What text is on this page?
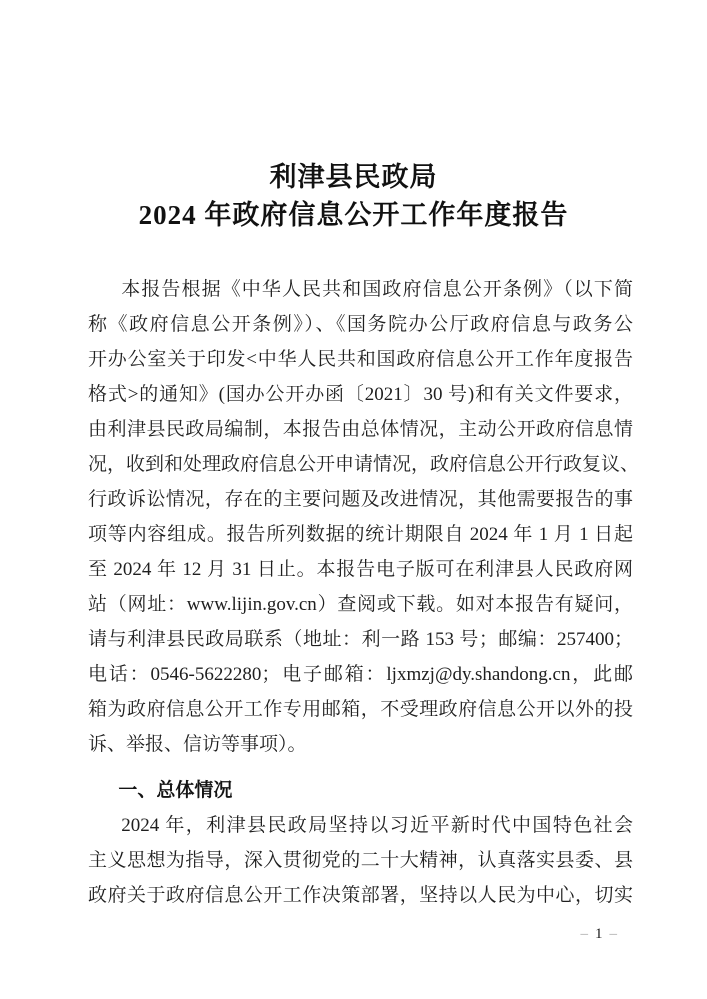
利津县民政局
2024 年政府信息公开工作年度报告
本报告根据《中华人民共和国政府信息公开条例》（以下简
称《政府信息公开条例》）、《国务院办公厅政府信息与政务公
开办公室关于印发<中华人民共和国政府信息公开工作年度报告
格式>的通知》(国办公开办函〔2021〕30 号)和有关文件要求，
由利津县民政局编制，本报告由总体情况，主动公开政府信息情
况，收到和处理政府信息公开申请情况，政府信息公开行政复议、
行政诉讼情况，存在的主要问题及改进情况，其他需要报告的事
项等内容组成。报告所列数据的统计期限自 2024 年 1 月 1 日起
至 2024 年 12 月 31 日止。本报告电子版可在利津县人民政府网
站（网址：www.lijin.gov.cn）查阅或下载。如对本报告有疑问，
请与利津县民政局联系（地址：利一路 153 号；邮编：257400；
电话：0546-5622280；电子邮箱：ljxmzj@dy.shandong.cn，此邮
箱为政府信息公开工作专用邮箱，不受理政府信息公开以外的投
诉、举报、信访等事项）。
一、总体情况
2024 年，利津县民政局坚持以习近平新时代中国特色社会
主义思想为指导，深入贯彻党的二十大精神，认真落实县委、县
政府关于政府信息公开工作决策部署，坚持以人民为中心，切实
– 1 –
